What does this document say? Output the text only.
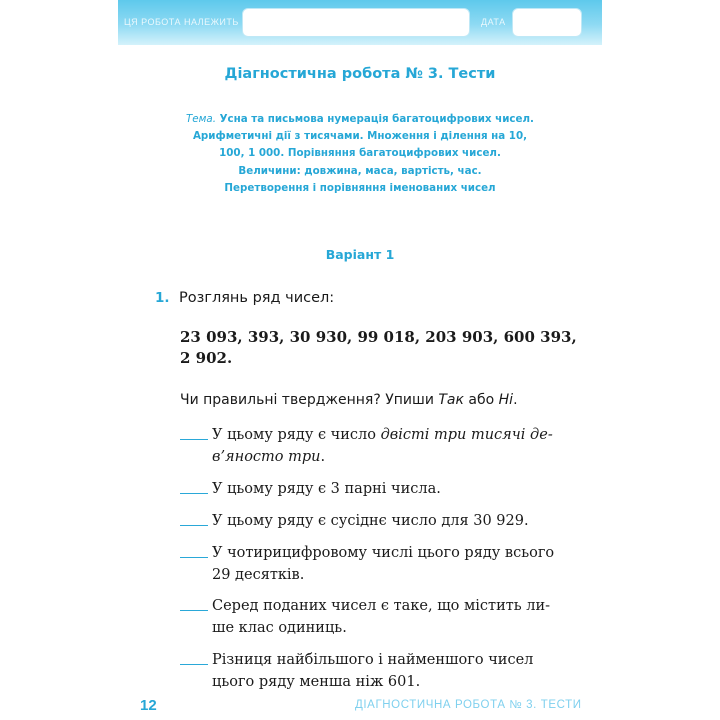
ЦЯ РОБОТА НАЛЕЖИТЬ	ДАТА
Діагностична робота № 3. Тести
Тема. Усна та письмова нумерація багатоцифрових чисел.
Арифметичні дії з тисячами. Множення і ділення на 10,
100, 1 000. Порівняння багатоцифрових чисел.
Величини: довжина, маса, вартість, час.
Перетворення і порівняння іменованих чисел
Варіант 1
1. Розглянь ряд чисел:
23 093, 393, 30 930, 99 018, 203 903, 600 393,
2 902.
Чи правильні твердження? Упиши Так або Ні.
У цьому ряду є число двісті три тисячі де-
в’яносто три.
У цьому ряду є 3 парні числа.
У цьому ряду є сусіднє число для 30 929.
У чотирицифровому числі цього ряду всього
29 десятків.
Серед поданих чисел є таке, що містить ли-
ше клас одиниць.
Різниця найбільшого і найменшого чисел
цього ряду менша ніж 601.
12	ДІАГНОСТИЧНА РОБОТА № 3. ТЕСТИ
